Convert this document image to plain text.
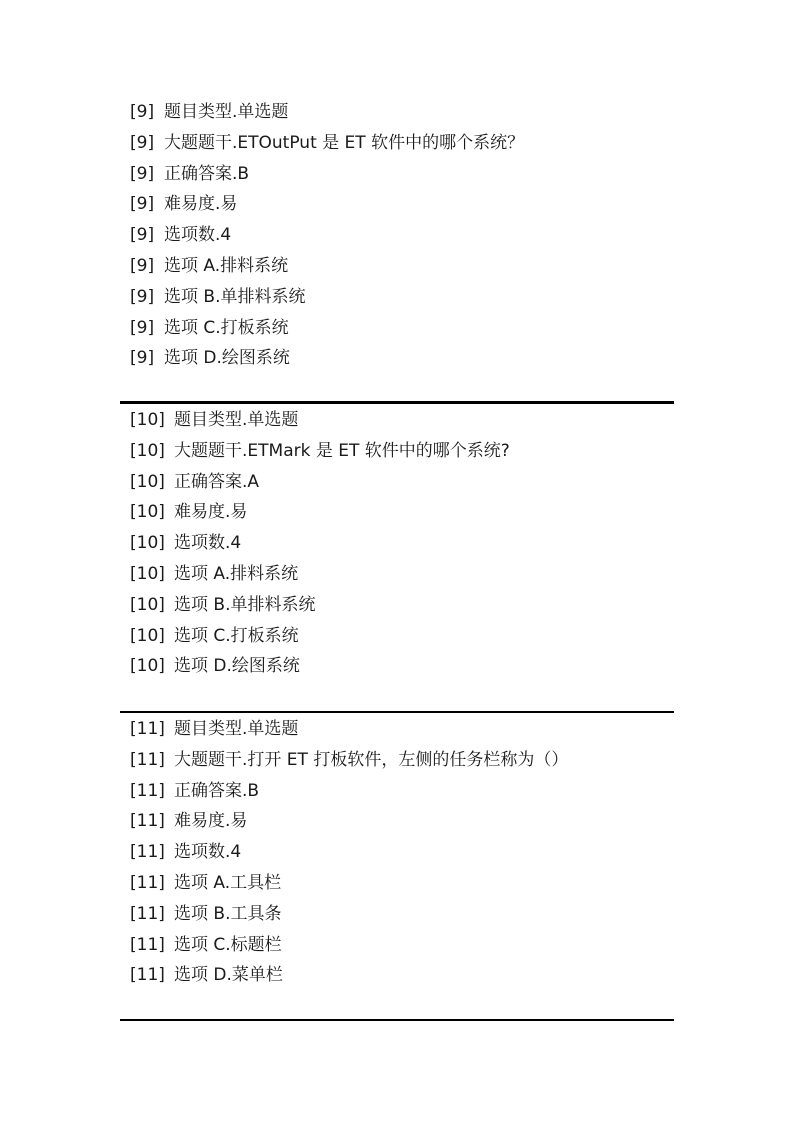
[9] 题目类型.单选题
[9] 大题题干.ETOutPut 是 ET 软件中的哪个系统？
[9] 正确答案.B
[9] 难易度.易
[9] 选项数.4
[9] 选项 A.排料系统
[9] 选项 B.单排料系统
[9] 选项 C.打板系统
[9] 选项 D.绘图系统
[10] 题目类型.单选题
[10] 大题题干.ETMark 是 ET 软件中的哪个系统?
[10] 正确答案.A
[10] 难易度.易
[10] 选项数.4
[10] 选项 A.排料系统
[10] 选项 B.单排料系统
[10] 选项 C.打板系统
[10] 选项 D.绘图系统
[11] 题目类型.单选题
[11] 大题题干.打开 ET 打板软件，左侧的任务栏称为（）
[11] 正确答案.B
[11] 难易度.易
[11] 选项数.4
[11] 选项 A.工具栏
[11] 选项 B.工具条
[11] 选项 C.标题栏
[11] 选项 D.菜单栏
